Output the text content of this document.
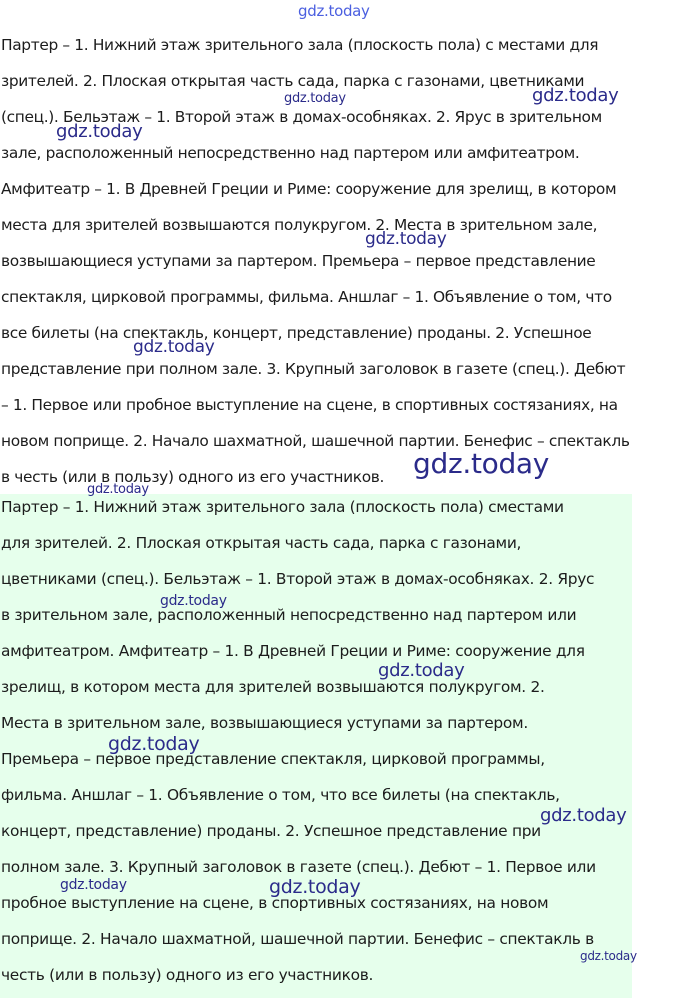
Партер – 1. Нижний этаж зрительного зала (плоскость пола) с местами для
зрителей. 2. Плоская открытая часть сада, парка с газонами, цветниками
(спец.). Бельэтаж – 1. Второй этаж в домах-особняках. 2. Ярус в зрительном
зале, расположенный непосредственно над партером или амфитеатром.
Амфитеатр – 1. В Древней Греции и Риме: сооружение для зрелищ, в котором
места для зрителей возвышаются полукругом. 2. Места в зрительном зале,
возвышающиеся уступами за партером. Премьера – первое представление
спектакля, цирковой программы, фильма. Аншлаг – 1. Объявление о том, что
все билеты (на спектакль, концерт, представление) проданы. 2. Успешное
представление при полном зале. 3. Крупный заголовок в газете (спец.). Дебют
– 1. Первое или пробное выступление на сцене, в спортивных состязаниях, на
новом поприще. 2. Начало шахматной, шашечной партии. Бенефис – спектакль
в честь (или в пользу) одного из его участников.
Партер – 1. Нижний этаж зрительного зала (плоскость пола) сместами
для зрителей. 2. Плоская открытая часть сада, парка с газонами,
цветниками (спец.). Бельэтаж – 1. Второй этаж в домах-особняках. 2. Ярус
в зрительном зале, расположенный непосредственно над партером или
амфитеатром. Амфитеатр – 1. В Древней Греции и Риме: сооружение для
зрелищ, в котором места для зрителей возвышаются полукругом. 2.
Места в зрительном зале, возвышающиеся уступами за партером.
Премьера – первое представление спектакля, цирковой программы,
фильма. Аншлаг – 1. Объявление о том, что все билеты (на спектакль,
концерт, представление) проданы. 2. Успешное представление при
полном зале. 3. Крупный заголовок в газете (спец.). Дебют – 1. Первое или
пробное выступление на сцене, в спортивных состязаниях, на новом
поприще. 2. Начало шахматной, шашечной партии. Бенефис – спектакль в
честь (или в пользу) одного из его участников.
gdz.today
gdz.today	gdz.today
gdz.today
gdz.today
gdz.today
gdz.today
gdz.today
gdz.today
gdz.today
gdz.today
gdz.today
gdz.today	gdz.today
gdz.today
